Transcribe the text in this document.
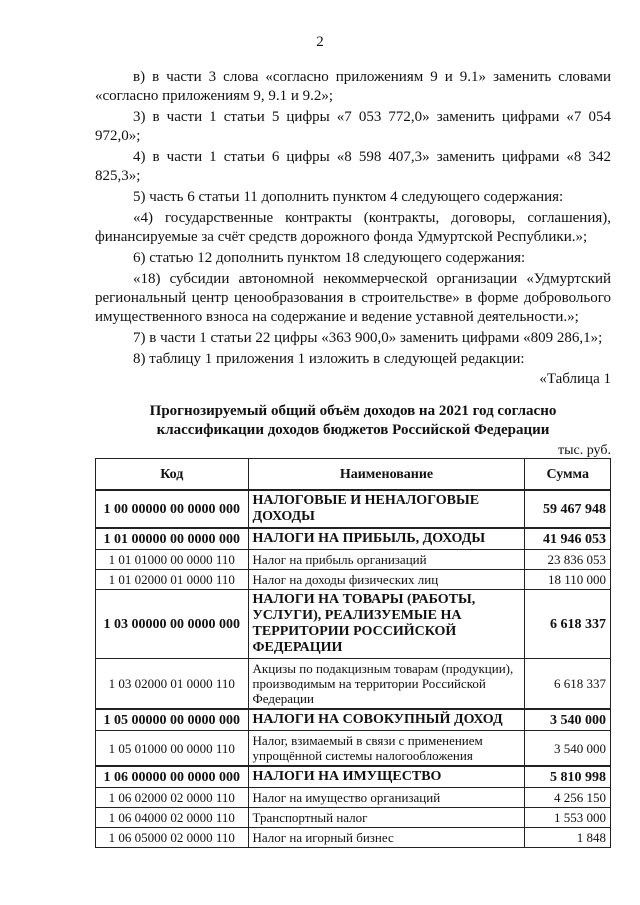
2

в) в части 3 слова «согласно приложениям 9 и 9.1» заменить словами «согласно приложениям 9, 9.1 и 9.2»;

3) в части 1 статьи 5 цифры «7 053 772,0» заменить цифрами «7 054 972,0»;

4) в части 1 статьи 6 цифры «8 598 407,3» заменить цифрами «8 342 825,3»;

5) часть 6 статьи 11 дополнить пунктом 4 следующего содержания:

«4) государственные контракты (контракты, договоры, соглашения), финансируемые за счёт средств дорожного фонда Удмуртской Республики.»;

6) статью 12 дополнить пунктом 18 следующего содержания:

«18) субсидии автономной некоммерческой организации «Удмуртский региональный центр ценообразования в строительстве» в форме доброволього имущественного взноса на содержание и ведение уставной деятельности.»;

7) в части 1 статьи 22 цифры «363 900,0» заменить цифрами «809 286,1»;

8) таблицу 1 приложения 1 изложить в следующей редакции:

«Таблица 1
Прогнозируемый общий объём доходов на 2021 год согласно классификации доходов бюджетов Российской Федерации
тыс. руб.
Код	Наименование	Сумма
1 00 00000 00 0000 000	НАЛОГОВЫЕ И НЕНАЛОГОВЫЕ ДОХОДЫ	59 467 948
1 01 00000 00 0000 000	НАЛОГИ НА ПРИБЫЛЬ, ДОХОДЫ	41 946 053
1 01 01000 00 0000 110	Налог на прибыль организаций	23 836 053
1 01 02000 01 0000 110	Налог на доходы физических лиц	18 110 000
1 03 00000 00 0000 000	НАЛОГИ НА ТОВАРЫ (РАБОТЫ, УСЛУГИ), РЕАЛИЗУЕМЫЕ НА ТЕРРИТОРИИ РОССИЙСКОЙ ФЕДЕРАЦИИ	6 618 337
1 03 02000 01 0000 110	Акцизы по подакцизным товарам (продукции), производимым на территории Российской Федерации	6 618 337
1 05 00000 00 0000 000	НАЛОГИ НА СОВОКУПНЫЙ ДОХОД	3 540 000
1 05 01000 00 0000 110	Налог, взимаемый в связи с применением упрощённой системы налогообложения	3 540 000
1 06 00000 00 0000 000	НАЛОГИ НА ИМУЩЕСТВО	5 810 998
1 06 02000 02 0000 110	Налог на имущество организаций	4 256 150
1 06 04000 02 0000 110	Транспортный налог	1 553 000
1 06 05000 02 0000 110	Налог на игорный бизнес	1 848
